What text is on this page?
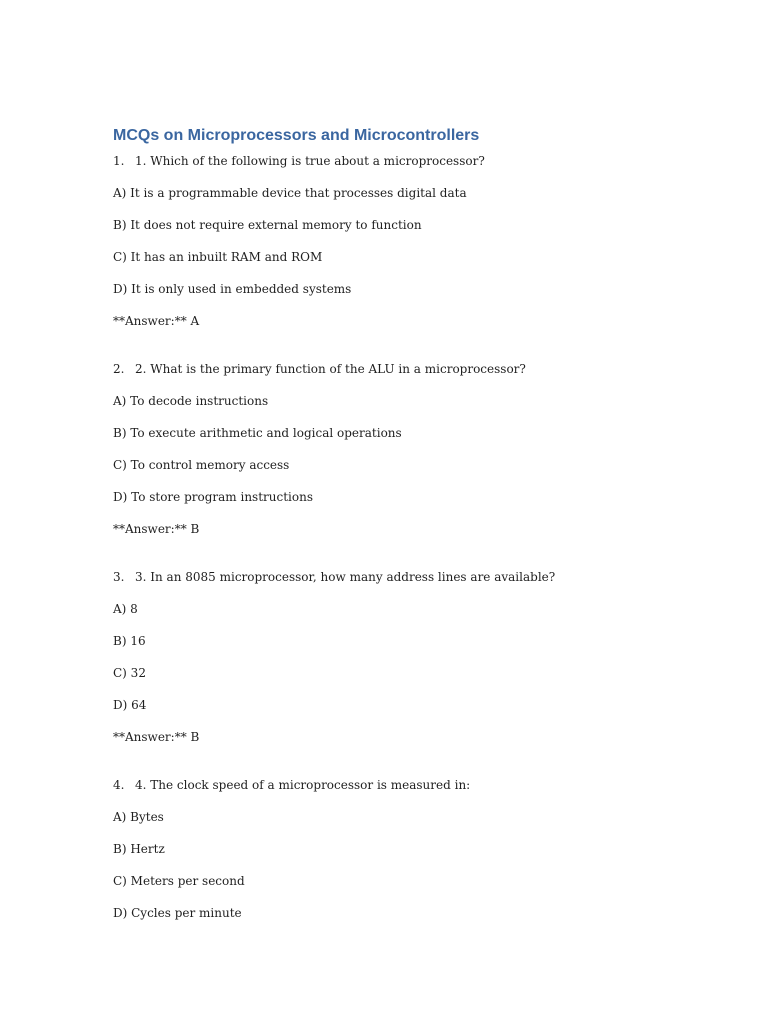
MCQs on Microprocessors and Microcontrollers
1. 1. Which of the following is true about a microprocessor?
A) It is a programmable device that processes digital data
B) It does not require external memory to function
C) It has an inbuilt RAM and ROM
D) It is only used in embedded systems
**Answer:** A
2. 2. What is the primary function of the ALU in a microprocessor?
A) To decode instructions
B) To execute arithmetic and logical operations
C) To control memory access
D) To store program instructions
**Answer:** B
3. 3. In an 8085 microprocessor, how many address lines are available?
A) 8
B) 16
C) 32
D) 64
**Answer:** B
4. 4. The clock speed of a microprocessor is measured in:
A) Bytes
B) Hertz
C) Meters per second
D) Cycles per minute
